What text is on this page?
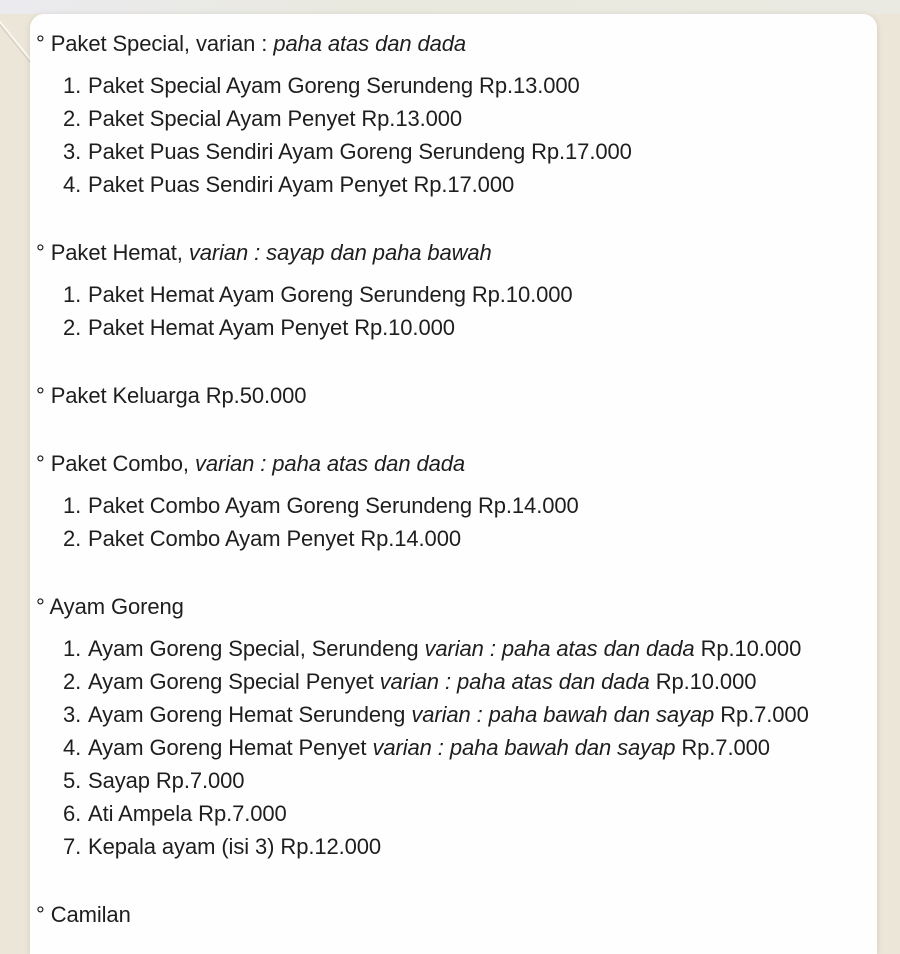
° Paket Special, varian : paha atas dan dada
1. Paket Special Ayam Goreng Serundeng Rp.13.000
2. Paket Special Ayam Penyet Rp.13.000
3. Paket Puas Sendiri Ayam Goreng Serundeng Rp.17.000
4. Paket Puas Sendiri Ayam Penyet Rp.17.000
° Paket Hemat, varian : sayap dan paha bawah
1. Paket Hemat Ayam Goreng Serundeng Rp.10.000
2. Paket Hemat Ayam Penyet Rp.10.000
° Paket Keluarga Rp.50.000
° Paket Combo, varian : paha atas dan dada
1. Paket Combo Ayam Goreng Serundeng Rp.14.000
2. Paket Combo Ayam Penyet Rp.14.000
° Ayam Goreng
1. Ayam Goreng Special, Serundeng varian : paha atas dan dada Rp.10.000
2. Ayam Goreng Special Penyet varian : paha atas dan dada Rp.10.000
3. Ayam Goreng Hemat Serundeng varian : paha bawah dan sayap Rp.7.000
4. Ayam Goreng Hemat Penyet varian : paha bawah dan sayap Rp.7.000
5. Sayap Rp.7.000
6. Ati Ampela Rp.7.000
7. Kepala ayam (isi 3) Rp.12.000
° Camilan
